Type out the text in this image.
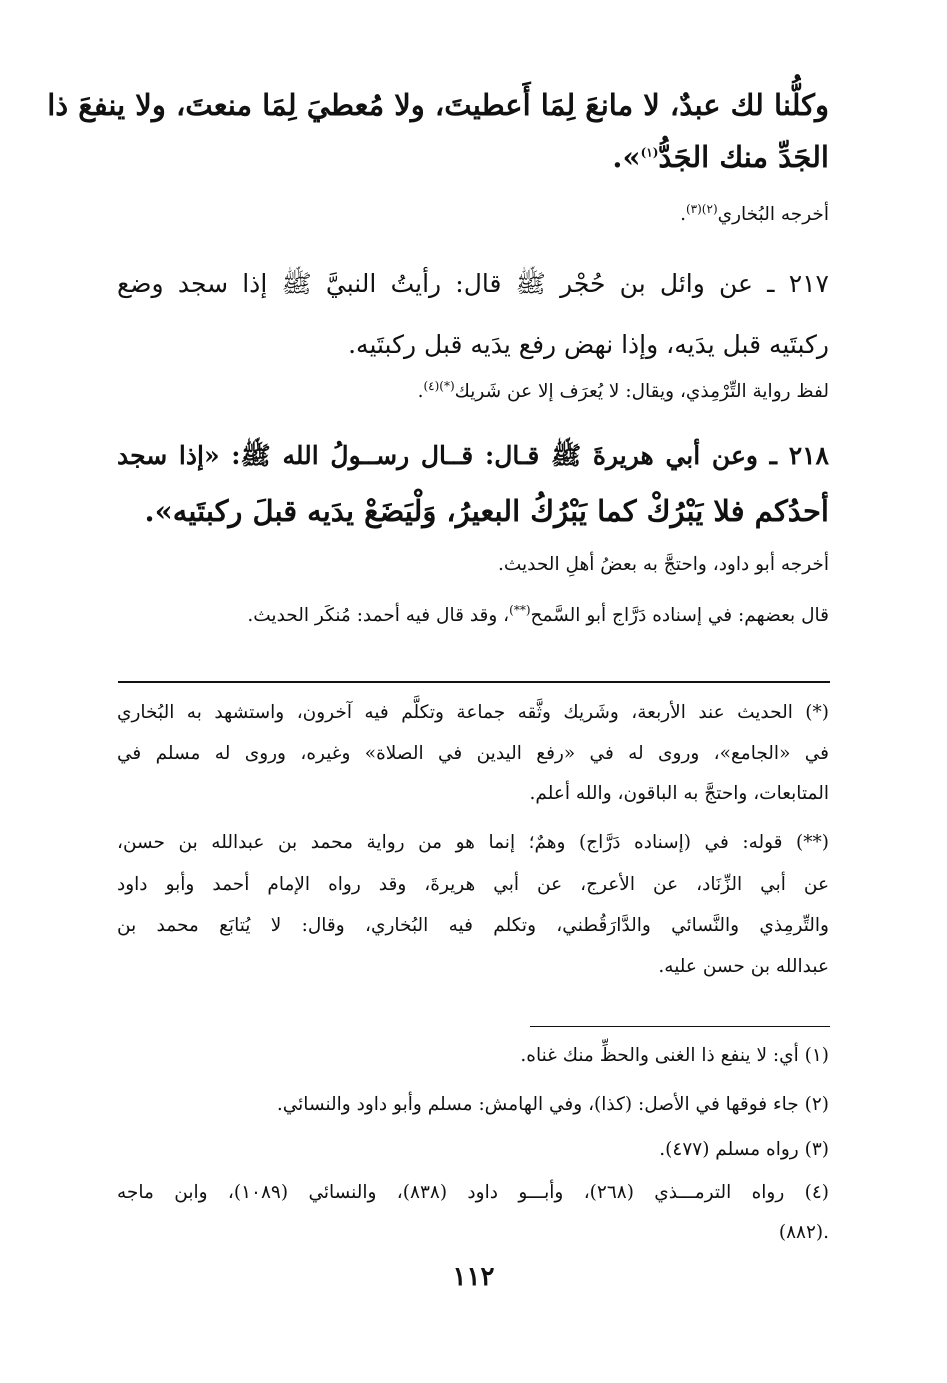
وكلُّنا لك عبدٌ، لا مانعَ لِمَا أَعطيتَ، ولا مُعطيَ لِمَا منعتَ، ولا ينفعَ ذا
الجَدِّ منك الجَدُّ$^{(١)}$».
أخرجه البُخاري$^{(٢)(٣)}$.
٢١٧ ـ عن وائل بن حُجْر ﷺ قال: رأيتُ النبيَّ ﷺ إذا سجد وضع
ركبتَيه قبل يدَيه، وإذا نهض رفع يدَيه قبل ركبتَيه.
لفظ رواية التِّرْمِذي، ويقال: لا يُعرَف إلا عن شَريك$^{(*)(٤)}$.
٢١٨ ـ وعن أبي هريرةَ ﷺ قـال: قــال رســولُ الله ﷺ: «إذا سجد
أحدُكم فلا يَبْرُكْ كما يَبْرُكُ البعيرُ، وَلْيَضَعْ يدَيه قبلَ ركبتَيه».
أخرجه أبو داود، واحتجَّ به بعضُ أهلِ الحديث.
قال بعضهم: في إسناده دَرَّاج أبو السَّمح(**)، وقد قال فيه أحمد: مُنكَر الحديث.
(*) الحديث عند الأربعة، وشَريك وثَّقه جماعة وتكلَّم فيه آخرون، واستشهد به البُخاري
في «الجامع»، وروى له في «رفع اليدين في الصلاة» وغيره، وروى له مسلم في
المتابعات، واحتجَّ به الباقون، والله أعلم.
(**) قوله: في (إسناده دَرَّاج) وهمٌ؛ إنما هو من رواية محمد بن عبدالله بن حسن،
عن أبي الزِّنَاد، عن الأعرج، عن أبي هريرةَ، وقد رواه الإمام أحمد وأبو داود
والتِّرمِذي والنَّسائي والدَّارَقُطني، وتكلم فيه البُخاري، وقال: لا يُتابَع محمد بن
عبدالله بن حسن عليه.
(١) أي: لا ينفع ذا الغنى والحظِّ منك غناه.
(٢) جاء فوقها في الأصل: (كذا)، وفي الهامش: مسلم وأبو داود والنسائي.
(٣) رواه مسلم (٤٧٧).
(٤) رواه الترمـــذي (٢٦٨)، وأبـــو داود (٨٣٨)، والنسائي (١٠٨٩)، وابن ماجه
(٨٨٢).
١١٢
